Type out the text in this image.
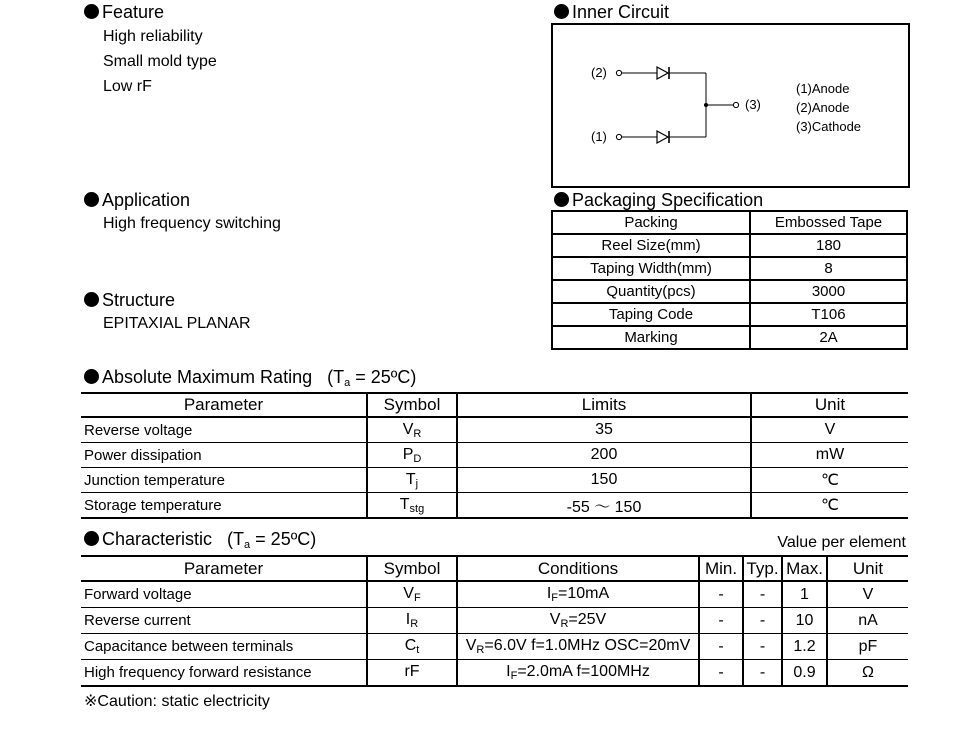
Feature
High reliability
Small mold type
Low rF
Application
High frequency switching
Structure
EPITAXIAL PLANAR
Inner Circuit
(2)
(1)
(3)
(1)Anode
(2)Anode
(3)Cathode
Packaging Specification
Packing	Embossed Tape
Reel Size(mm)	180
Taping Width(mm)	8
Quantity(pcs)	3000
Taping Code	T106
Marking	2A
Absolute Maximum Rating ($T_a$ = 25ºC)
Parameter	Symbol	Limits	Unit
Reverse voltage	$V_R$	35	V
Power dissipation	$P_D$	200	mW
Junction temperature	$T_j$	150	℃
Storage temperature	$T_{stg}$	-55 ～ 150	℃
Characteristic ($T_a$ = 25ºC)	Value per element
Parameter	Symbol	Conditions	Min.	Typ.	Max.	Unit
Forward voltage	$V_F$	$I_F=10mA$	-	-	1	V
Reverse current	$I_R$	$V_R=25V$	-	-	10	nA
Capacitance between terminals	$C_t$	$V_R=6.0V$ f=1.0MHz OSC=20mV	-	-	1.2	pF
High frequency forward resistance	rF	$I_F=2.0mA$ f=100MHz	-	-	0.9	Ω
※Caution: static electricity
